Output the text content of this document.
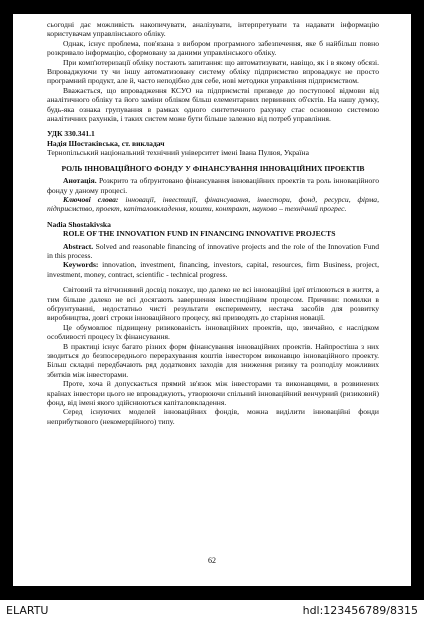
сьогодні дає можливість накопичувати, аналізувати, інтерпретувати та надавати інформацію користувачам управлінського обліку.

Однак, існує проблема, пов'язана з вибором програмного забезпечення, яке б найбільш повно розкривало інформацію, сформовану за даними управлінського обліку.

При комп'ютеризації обліку постають запитання: що автоматизувати, навіщо, як і в якому обсязі. Впроваджуючи ту чи іншу автоматизовану систему обліку підприємство впроваджує не просто програмний продукт, але й, часто неподібно для себе, нові методики управління підприємством.

Вважається, що впровадження КСУО на підприємстві призведе до поступової відмови від аналітичного обліку та його заміни обліком більш елементарних первинних об'єктів. На нашу думку, будь-яка ознака групування в рамках одного синтетичного рахунку стає основною системою аналітичних рахунків, і таких систем може бути більше залежно від потреб управління.

УДК 330.341.1

Надія Шостаківська, ст. викладач

Тернопільський національний технічний університет імені Івана Пулюя, Україна

РОЛЬ ІННОВАЦІЙНОГО ФОНДУ У ФІНАНСУВАННЯ ІННОВАЦІЙНИХ ПРОЕКТІВ

Анотація. Розкрито та обґрунтовано фінансування інноваційних проектів та роль інноваційного фонду у даному процесі.

Ключові слова: інновації, інвестиції, фінансування, інвестори, фонд, ресурси, фірма, підприємство, проект, капіталовкладення, кошти, контракт, науково – технічний прогрес.

Nadia Shostakivska

ROLE OF THE INNOVATION FUND IN FINANCING INNOVATIVE PROJECTS

Abstract. Solved and reasonable financing of innovative projects and the role of the Innovation Fund in this process.

Keywords: innovation, investment, financing, investors, capital, resources, firm Business, project, investment, money, contract, scientific - technical progress.

Світовий та вітчизняний досвід показує, що далеко не всі інноваційні ідеї втілюються в життя, а тим більше далеко не всі досягають завершення інвестиційним процесом. Причини: помилки в обґрунтуванні, недостатньо чисті результати експерименту, нестача засобів для розвитку виробництва, довгі строки інноваційного процесу, які призводять до старіння новації.

Це обумовлює підвищену ризикованість інноваційних проектів, що, звичайно, є наслідком особливості процесу їх фінансування.

В практиці існує багато різних форм фінансування інноваційних проектів. Найпростіша з них зводиться до безпосереднього перерахування коштів інвестором виконавцю інноваційного проекту. Більш складні передбачають ряд додаткових заходів для зниження ризику та розподілу можливих збитків між інвесторами.

Проте, хоча й допускається прямий зв'язок між інвесторами та виконавцями, в розвинених країнах інвестори цього не впроваджують, утворюючи спільний інноваційний венчурний (ризиковий) фонд, від імені якого здійснюються капіталовкладення.

Серед існуючих моделей інноваційних фондів, можна виділити інноваційні фонди неприбуткового (некомерційного) типу.

62
ELARTU	hdl:123456789/8315
